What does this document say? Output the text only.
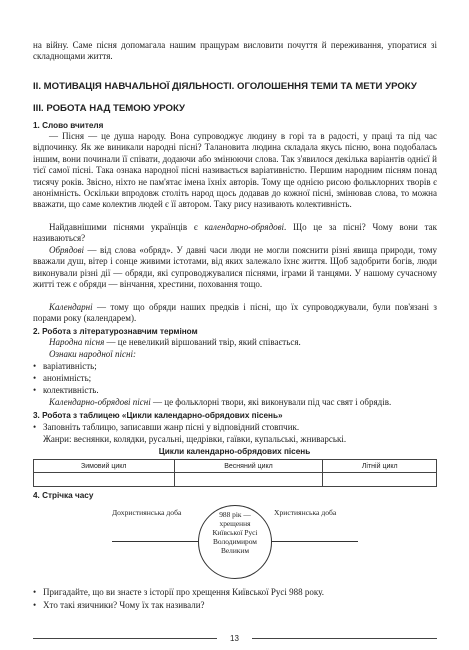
на війну. Саме пісня допомагала нашим пращурам висловити почуття й переживання, упоратися зі складнощами життя.

ІІ. МОТИВАЦІЯ НАВЧАЛЬНОЇ ДІЯЛЬНОСТІ. ОГОЛОШЕННЯ ТЕМИ ТА МЕТИ УРОКУ
ІІІ. РОБОТА НАД ТЕМОЮ УРОКУ
1. Слово вчителя

— Пісня — це душа народу. Вона супроводжує людину в горі та в радості, у праці та під час відпочинку. Як же виникали народні пісні? Талановита людина складала якусь пісню, вона подобалась іншим, вони починали її співати, додаючи або змінюючи слова. Так з'явилося декілька варіантів однієї й тієї самої пісні. Така ознака народної пісні називається варіативністю. Першим народним пісням понад тисячу років. Звісно, ніхто не пам'ятає імена їхніх авторів. Тому ще однією рисою фольклорних творів є анонімність. Оскільки впродовж століть народ щось додавав до кожної пісні, змінював слова, то можна вважати, що саме колектив людей є її автором. Таку рису називають колективність.

Найдавнішими піснями українців є календарно-обрядові. Що це за пісні? Чому вони так називаються?

Обрядові — від слова «обряд». У давні часи люди не могли пояснити різні явища природи, тому вважали душ, вітер і сонце живими істотами, від яких залежало їхнє життя. Щоб задобрити богів, люди виконували різні дії — обряди, які супроводжувалися піснями, іграми й танцями. У нашому сучасному житті теж є обряди — вінчання, хрестини, поховання тощо.

Календарні — тому що обряди наших предків і пісні, що їх супроводжували, були пов'язані з порами року (календарем).

2. Робота з літературознавчим терміном

Народна пісня — це невеликий віршований твір, який співається.

Ознаки народної пісні:

• варіативність;
• анонімність;
• колективність.

Календарно-обрядові пісні — це фольклорні твори, які виконували під час свят і обрядів.

3. Робота з таблицею «Цикли календарно-обрядових пісень»
• Заповніть таблицю, записавши жанр пісні у відповідний стовпчик.

Жанри: веснянки, колядки, русальні, щедрівки, гаївки, купальські, жниварські.

Цикли календарно-обрядових пісень
Зимовий цикл	Весняний цикл	Літній цикл

4. Стрічка часу
Дохристиянська доба	Християнська доба
988 рік —
хрещення
Київської Русі
Володимиром
Великим
• Пригадайте, що ви знаєте з історії про хрещення Київської Русі 988 року.
• Хто такі язичники? Чому їх так називали?
13
